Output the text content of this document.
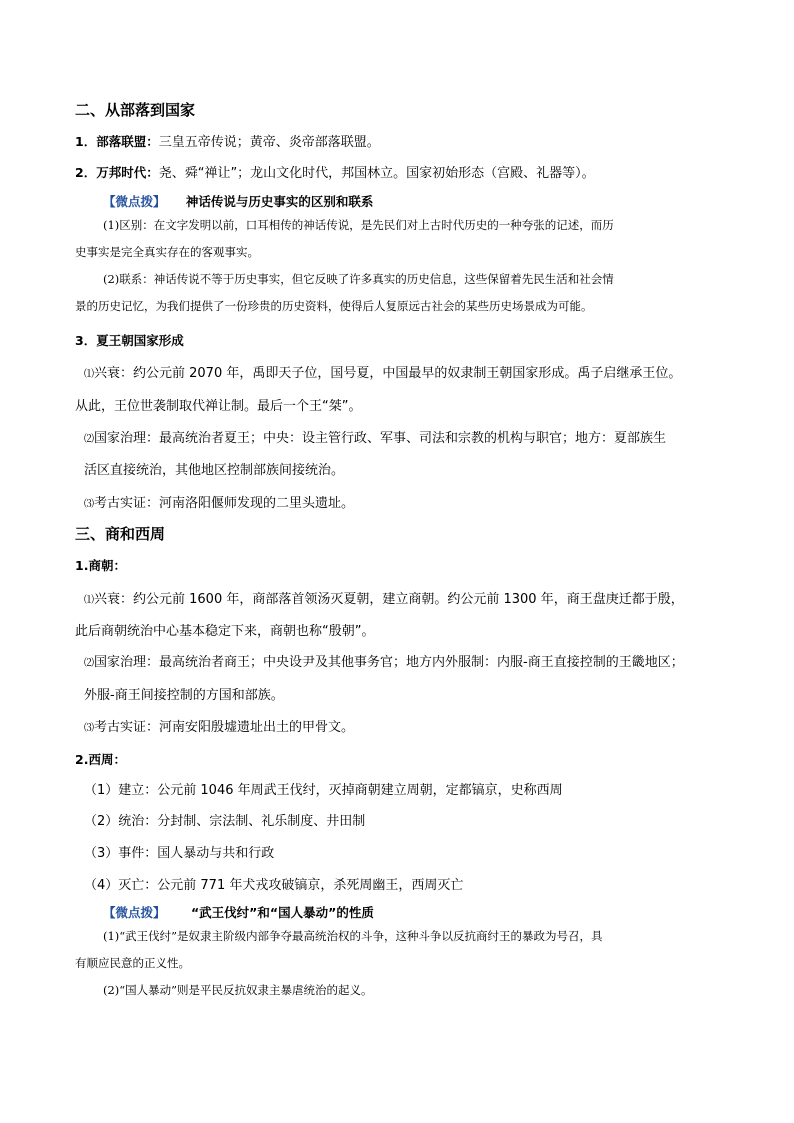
二、从部落到国家
1．部落联盟：三皇五帝传说；黄帝、炎帝部落联盟。
2．万邦时代：尧、舜“禅让”；龙山文化时代，邦国林立。国家初始形态（宫殿、礼器等）。
【微点拨】 神话传说与历史事实的区别和联系
(1)区别：在文字发明以前，口耳相传的神话传说，是先民们对上古时代历史的一种夸张的记述，而历
史事实是完全真实存在的客观事实。
(2)联系：神话传说不等于历史事实，但它反映了许多真实的历史信息，这些保留着先民生活和社会情
景的历史记忆，为我们提供了一份珍贵的历史资料，使得后人复原远古社会的某些历史场景成为可能。
3．夏王朝国家形成
⑴兴衰：约公元前 2070 年，禹即天子位，国号夏，中国最早的奴隶制王朝国家形成。禹子启继承王位。
从此，王位世袭制取代禅让制。最后一个王“桀”。
⑵国家治理：最高统治者夏王；中央：设主管行政、军事、司法和宗教的机构与职官；地方：夏部族生
活区直接统治，其他地区控制部族间接统治。
⑶考古实证：河南洛阳偃师发现的二里头遗址。
三、商和西周
1.商朝：
⑴兴衰：约公元前 1600 年，商部落首领汤灭夏朝，建立商朝。约公元前 1300 年，商王盘庚迁都于殷，
此后商朝统治中心基本稳定下来，商朝也称“殷朝”。
⑵国家治理：最高统治者商王；中央设尹及其他事务官；地方内外服制：内服-商王直接控制的王畿地区；
外服-商王间接控制的方国和部族。
⑶考古实证：河南安阳殷墟遗址出土的甲骨文。
2.西周：
（1）建立：公元前 1046 年周武王伐纣，灭掉商朝建立周朝，定都镐京，史称西周
（2）统治：分封制、宗法制、礼乐制度、井田制
（3）事件：国人暴动与共和行政
（4）灭亡：公元前 771 年犬戎攻破镐京，杀死周幽王，西周灭亡
【微点拨】 “武王伐纣”和“国人暴动”的性质
(1)“武王伐纣”是奴隶主阶级内部争夺最高统治权的斗争，这种斗争以反抗商纣王的暴政为号召，具
有顺应民意的正义性。
(2)“国人暴动”则是平民反抗奴隶主暴虐统治的起义。
